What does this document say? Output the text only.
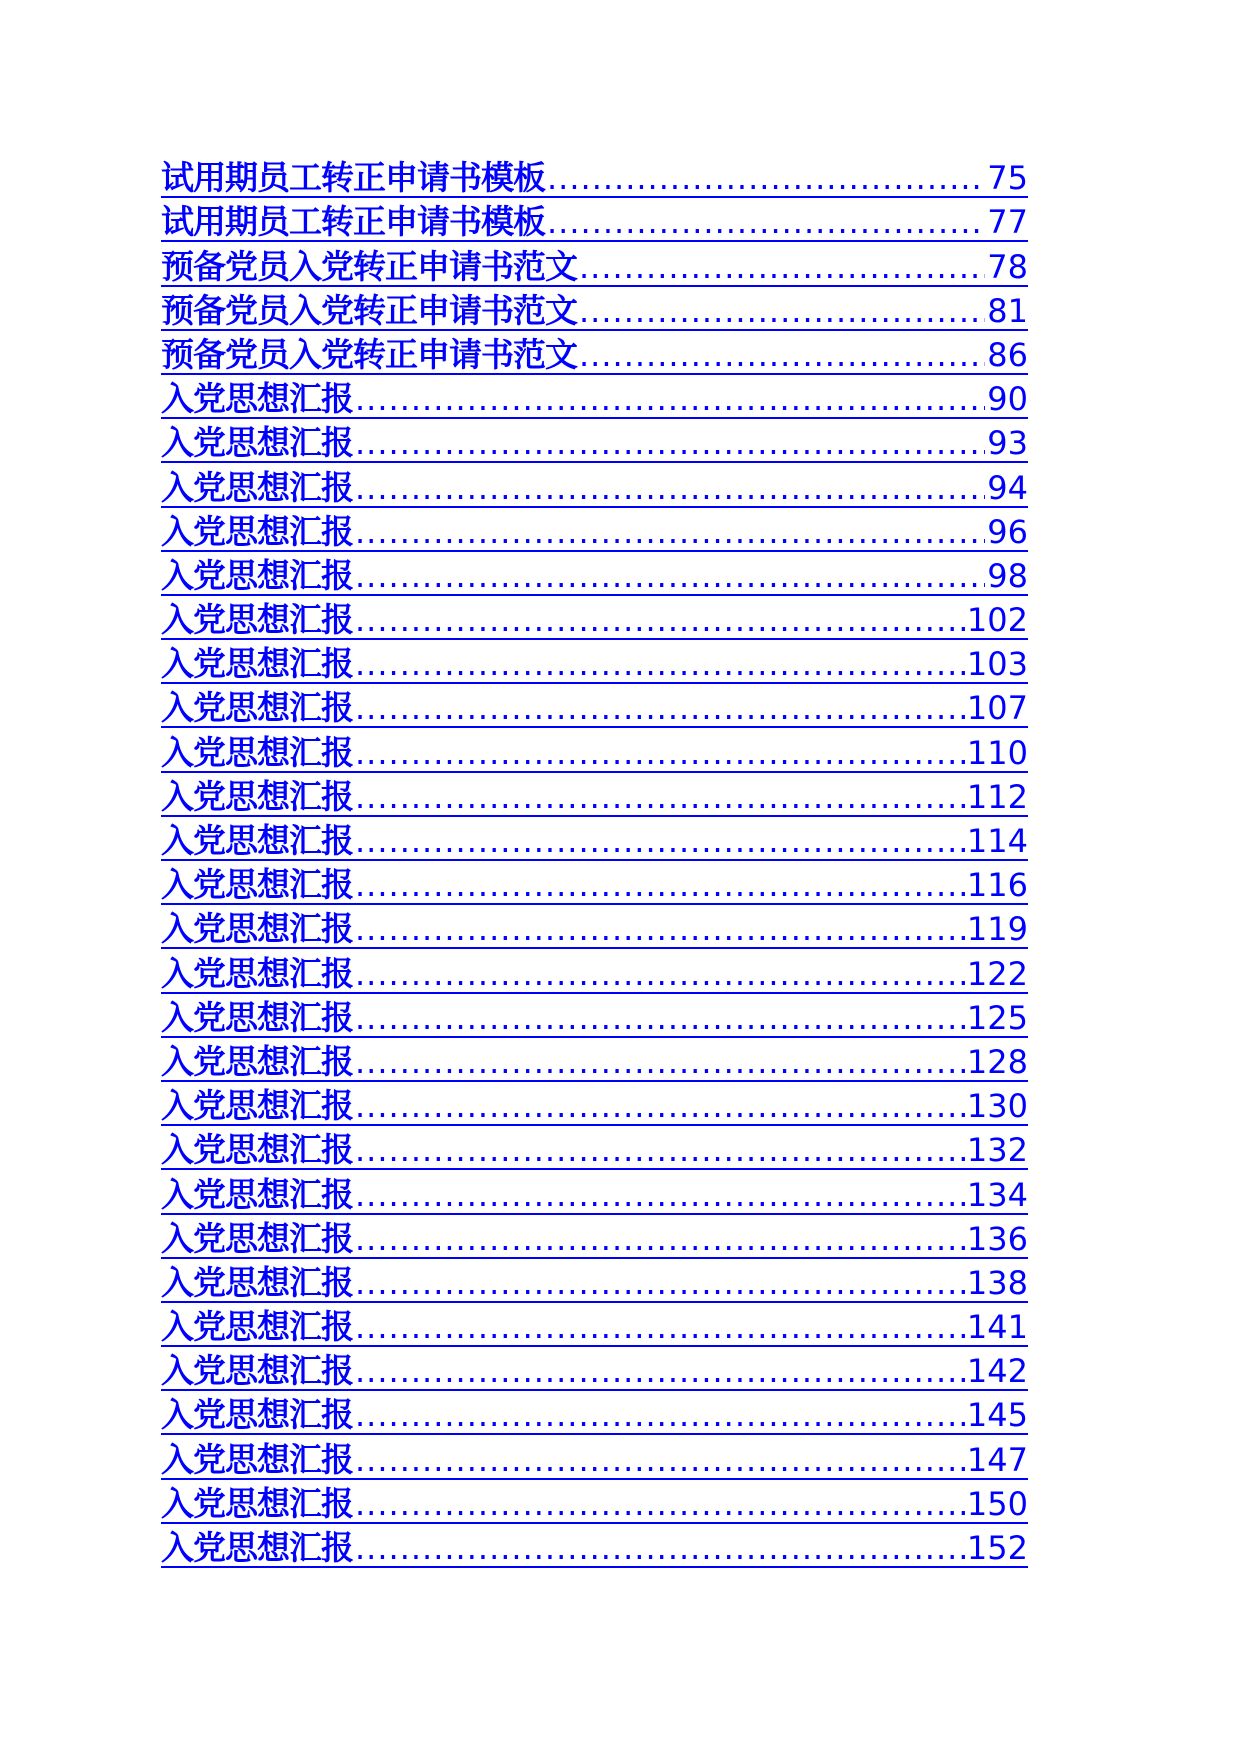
试用期员工转正申请书模板 .....	75
试用期员工转正申请书模板 .....	77
预备党员入党转正申请书范文 .....	78
预备党员入党转正申请书范文 .....	81
预备党员入党转正申请书范文 .....	86
入党思想汇报 .....	90
入党思想汇报 .....	93
入党思想汇报 .....	94
入党思想汇报 .....	96
入党思想汇报 .....	98
入党思想汇报 .....	102
入党思想汇报 .....	103
入党思想汇报 .....	107
入党思想汇报 .....	110
入党思想汇报 .....	112
入党思想汇报 .....	114
入党思想汇报 .....	116
入党思想汇报 .....	119
入党思想汇报 .....	122
入党思想汇报 .....	125
入党思想汇报 .....	128
入党思想汇报 .....	130
入党思想汇报 .....	132
入党思想汇报 .....	134
入党思想汇报 .....	136
入党思想汇报 .....	138
入党思想汇报 .....	141
入党思想汇报 .....	142
入党思想汇报 .....	145
入党思想汇报 .....	147
入党思想汇报 .....	150
入党思想汇报 .....	152
